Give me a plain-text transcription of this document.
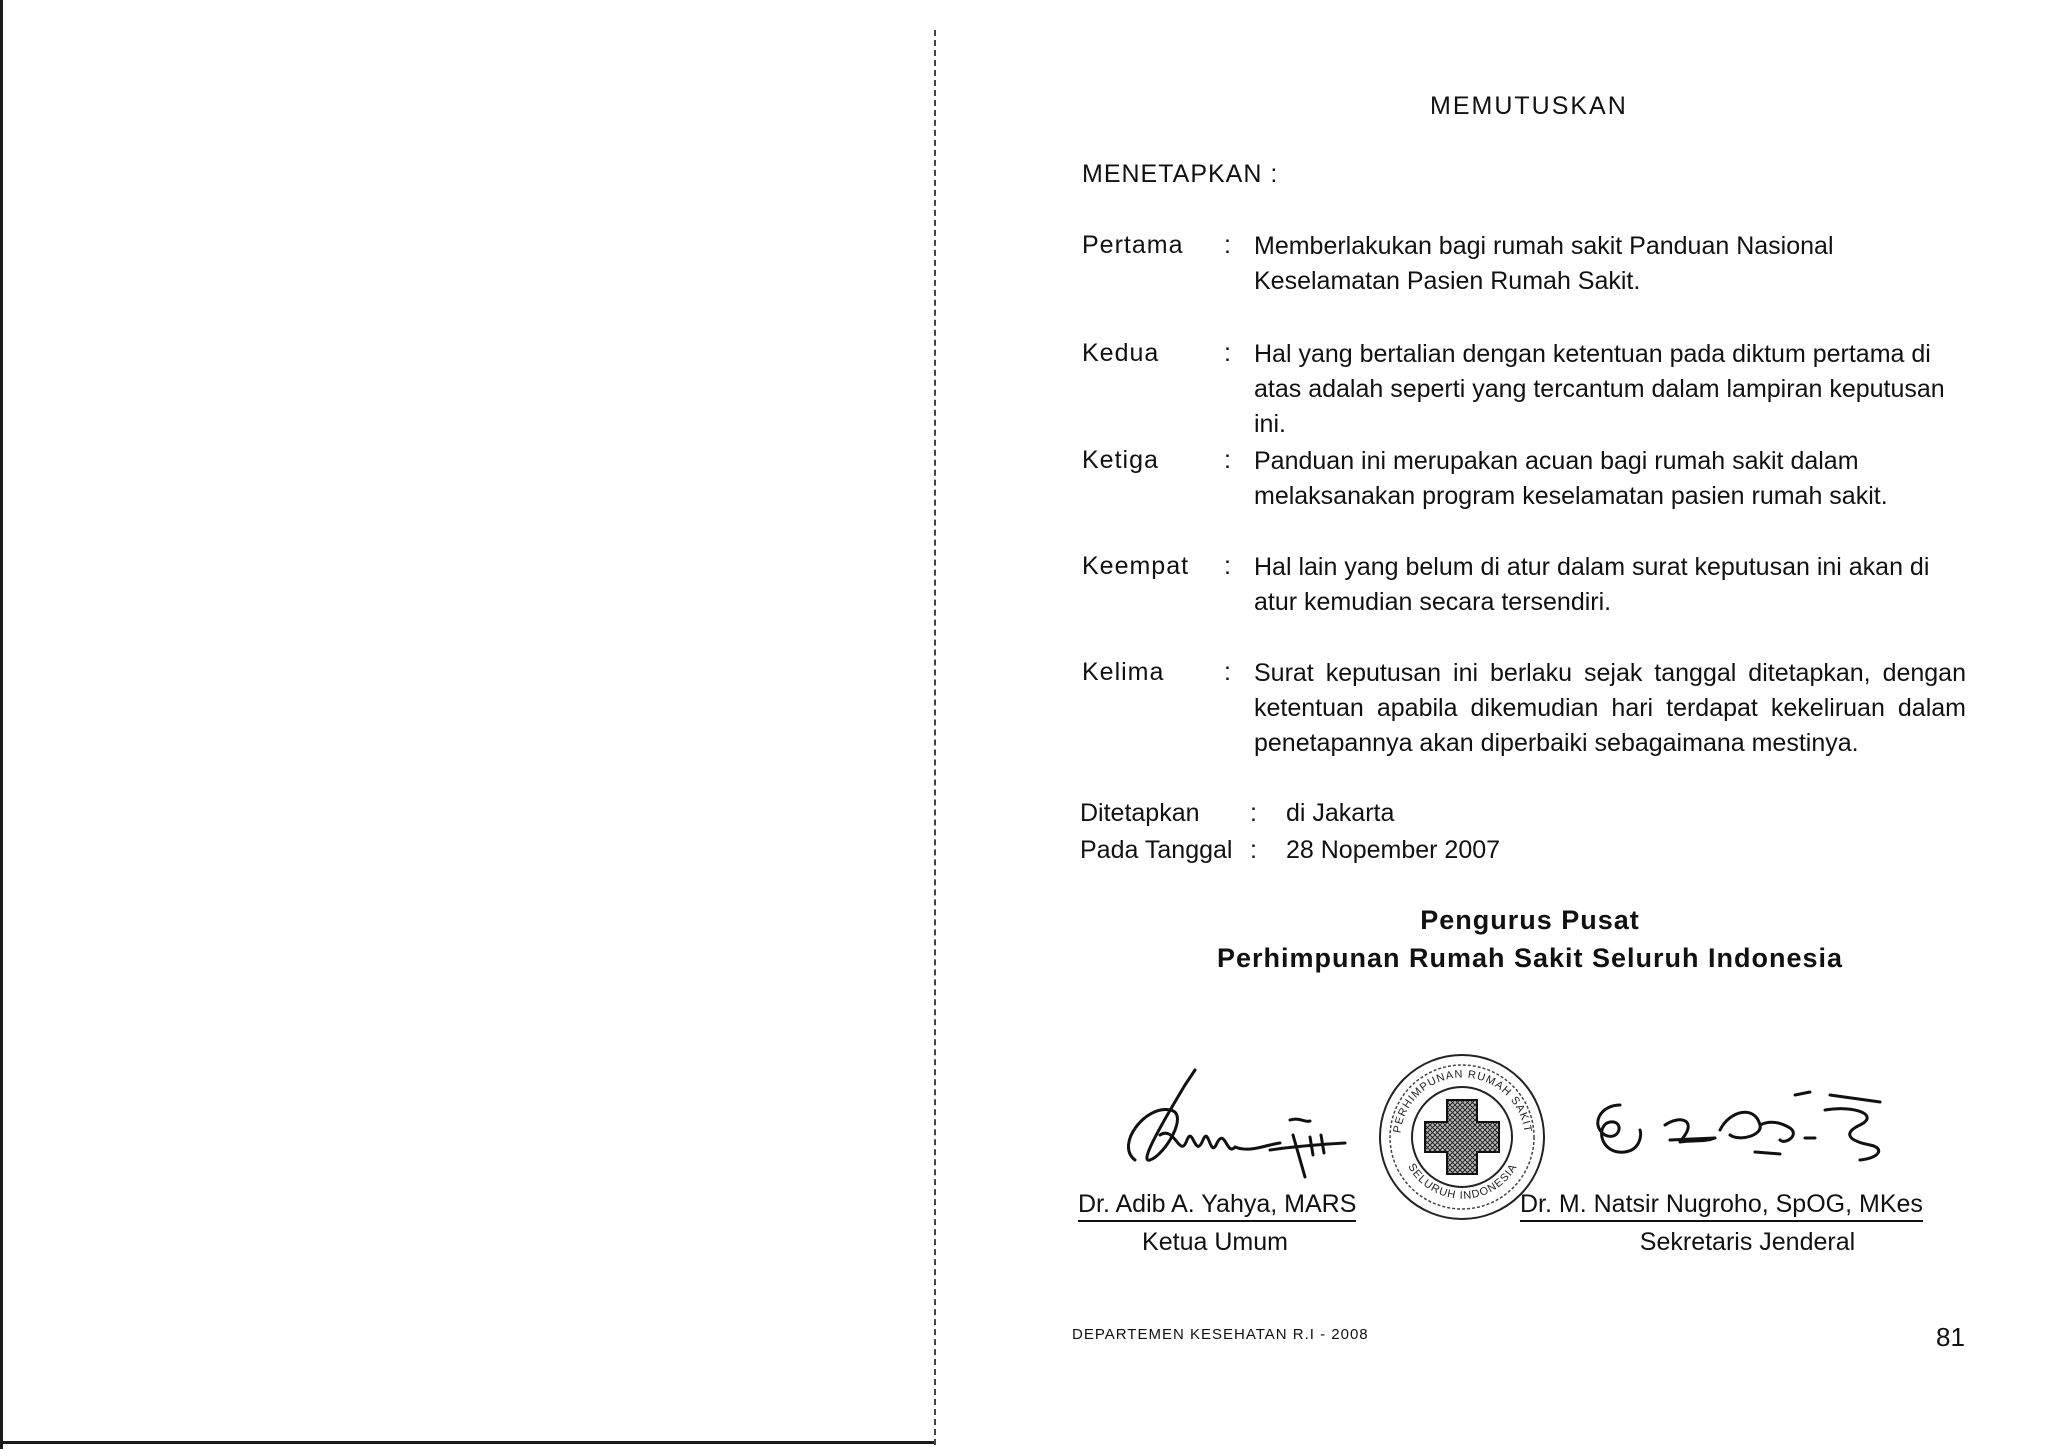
MEMUTUSKAN
MENETAPKAN :
Pertama : Memberlakukan bagi rumah sakit Panduan Nasional Keselamatan Pasien Rumah Sakit.
Kedua	: Hal yang bertalian dengan ketentuan pada diktum pertama di atas adalah seperti yang tercantum dalam lampiran keputusan ini.
Ketiga	: Panduan ini merupakan acuan bagi rumah sakit dalam melaksanakan program keselamatan pasien rumah sakit.
Keempat : Hal lain yang belum di atur dalam surat keputusan ini akan di atur kemudian secara tersendiri.
Kelima : Surat keputusan ini berlaku sejak tanggal ditetapkan, dengan ketentuan apabila dikemudian hari terdapat kekeliruan dalam penetapannya akan diperbaiki sebagaimana mestinya.
Ditetapkan : di Jakarta
Pada Tanggal : 28 Nopember 2007
Pengurus Pusat
Perhimpunan Rumah Sakit Seluruh Indonesia
PERHIMPUNAN RUMAH SAKIT
SELURUH INDONESIA
Dr. Adib A. Yahya, MARS
Ketua Umum
Dr. M. Natsir Nugroho, SpOG, MKes
Sekretaris Jenderal
DEPARTEMEN KESEHATAN R.I - 2008	81
